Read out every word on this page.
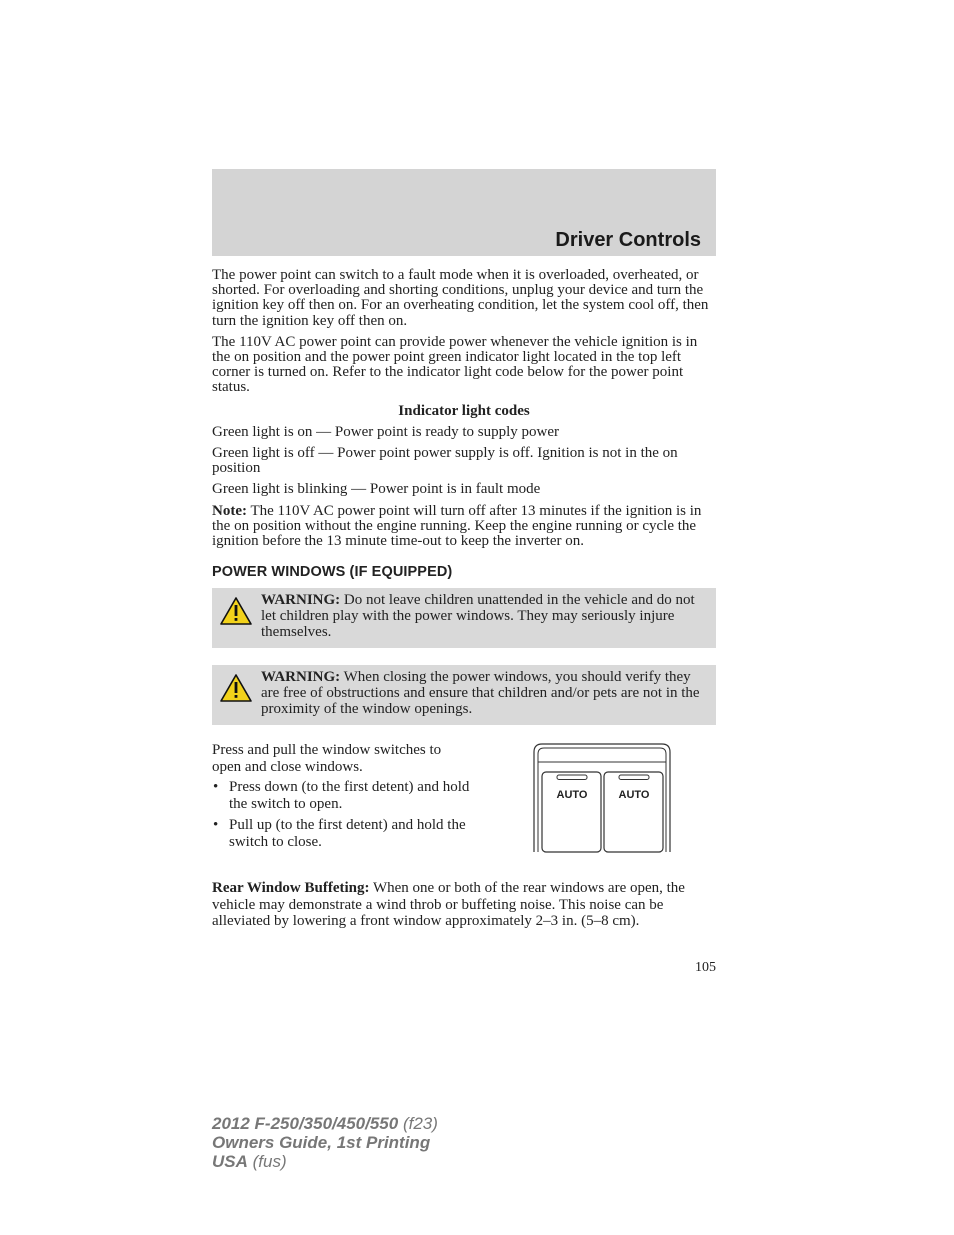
Driver Controls

The power point can switch to a fault mode when it is overloaded, overheated, or shorted. For overloading and shorting conditions, unplug your device and turn the ignition key off then on. For an overheating condition, let the system cool off, then turn the ignition key off then on.

The 110V AC power point can provide power whenever the vehicle ignition is in the on position and the power point green indicator light located in the top left corner is turned on. Refer to the indicator light code below for the power point status.

Indicator light codes

Green light is on — Power point is ready to supply power

Green light is off — Power point power supply is off. Ignition is not in the on position

Green light is blinking — Power point is in fault mode

Note: The 110V AC power point will turn off after 13 minutes if the ignition is in the on position without the engine running. Keep the engine running or cycle the ignition before the 13 minute time-out to keep the inverter on.

POWER WINDOWS (IF EQUIPPED)
WARNING: Do not leave children unattended in the vehicle and do not let children play with the power windows. They may seriously injure themselves.
WARNING: When closing the power windows, you should verify they are free of obstructions and ensure that children and/or pets are not in the proximity of the window openings.
Press and pull the window switches to open and close windows.
• Press down (to the first detent) and hold the switch to open.
• Pull up (to the first detent) and hold the switch to close.
AUTO	AUTO

Rear Window Buffeting: When one or both of the rear windows are open, the vehicle may demonstrate a wind throb or buffeting noise. This noise can be alleviated by lowering a front window approximately 2–3 in. (5–8 cm).

105
2012 F-250/350/450/550 (f23)
Owners Guide, 1st Printing
USA (fus)
